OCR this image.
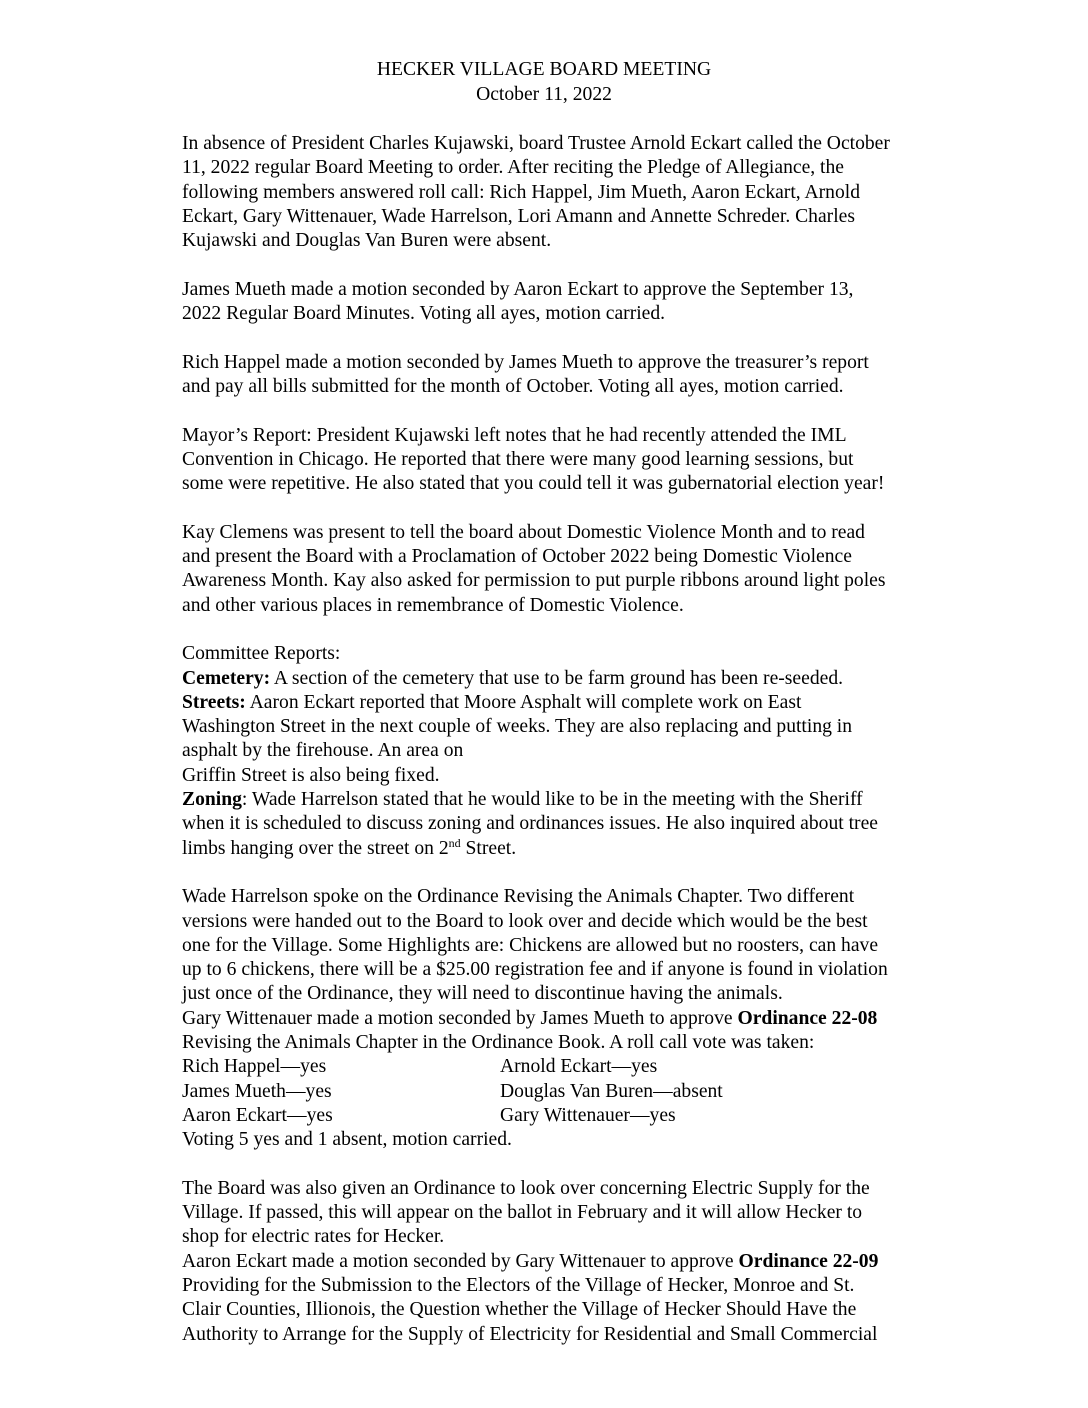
HECKER VILLAGE BOARD MEETING
October 11, 2022
In absence of President Charles Kujawski, board Trustee Arnold Eckart called the October
11, 2022 regular Board Meeting to order. After reciting the Pledge of Allegiance, the
following members answered roll call: Rich Happel, Jim Mueth, Aaron Eckart, Arnold
Eckart, Gary Wittenauer, Wade Harrelson, Lori Amann and Annette Schreder. Charles
Kujawski and Douglas Van Buren were absent.
James Mueth made a motion seconded by Aaron Eckart to approve the September 13,
2022 Regular Board Minutes. Voting all ayes, motion carried.
Rich Happel made a motion seconded by James Mueth to approve the treasurer’s report
and pay all bills submitted for the month of October. Voting all ayes, motion carried.
Mayor’s Report: President Kujawski left notes that he had recently attended the IML
Convention in Chicago. He reported that there were many good learning sessions, but
some were repetitive. He also stated that you could tell it was gubernatorial election year!
Kay Clemens was present to tell the board about Domestic Violence Month and to read
and present the Board with a Proclamation of October 2022 being Domestic Violence
Awareness Month. Kay also asked for permission to put purple ribbons around light poles
and other various places in remembrance of Domestic Violence.
Committee Reports:
Cemetery: A section of the cemetery that use to be farm ground has been re-seeded.
Streets: Aaron Eckart reported that Moore Asphalt will complete work on East
Washington Street in the next couple of weeks. They are also replacing and putting in
asphalt by the firehouse. An area on
Griffin Street is also being fixed.
Zoning: Wade Harrelson stated that he would like to be in the meeting with the Sheriff
when it is scheduled to discuss zoning and ordinances issues. He also inquired about tree
limbs hanging over the street on 2nd Street.
Wade Harrelson spoke on the Ordinance Revising the Animals Chapter. Two different
versions were handed out to the Board to look over and decide which would be the best
one for the Village. Some Highlights are: Chickens are allowed but no roosters, can have
up to 6 chickens, there will be a $25.00 registration fee and if anyone is found in violation
just once of the Ordinance, they will need to discontinue having the animals.
Gary Wittenauer made a motion seconded by James Mueth to approve Ordinance 22-08
Revising the Animals Chapter in the Ordinance Book. A roll call vote was taken:
Rich Happel—yes	Arnold Eckart—yes
James Mueth—yes	Douglas Van Buren—absent
Aaron Eckart—yes	Gary Wittenauer—yes
Voting 5 yes and 1 absent, motion carried.
The Board was also given an Ordinance to look over concerning Electric Supply for the
Village. If passed, this will appear on the ballot in February and it will allow Hecker to
shop for electric rates for Hecker.
Aaron Eckart made a motion seconded by Gary Wittenauer to approve Ordinance 22-09
Providing for the Submission to the Electors of the Village of Hecker, Monroe and St.
Clair Counties, Illionois, the Question whether the Village of Hecker Should Have the
Authority to Arrange for the Supply of Electricity for Residential and Small Commercial
